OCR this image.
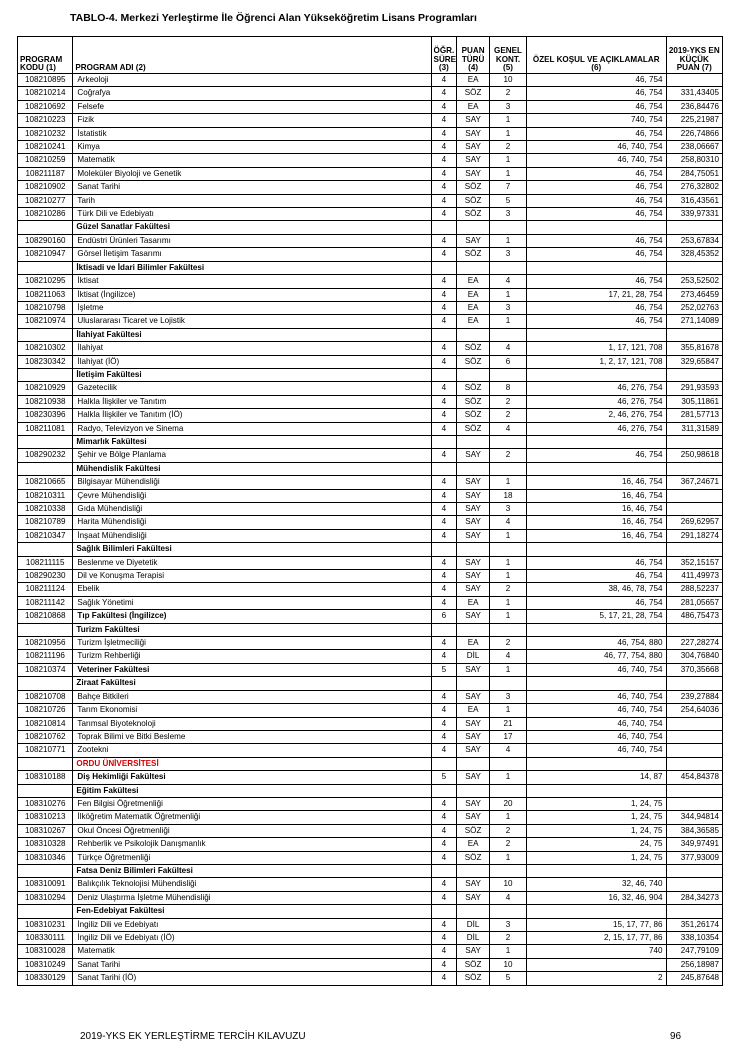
TABLO-4. Merkezi Yerleştirme İle Öğrenci Alan Yükseköğretim Lisans Programları
PROGRAM KODU (1)	PROGRAM ADI (2)	ÖĞR. SÜRE (3)	PUAN TÜRÜ (4)	GENEL KONT. (5)	ÖZEL KOŞUL VE AÇIKLAMALAR (6)	2019-YKS EN KÜÇÜK PUAN (7)
108210895	Arkeoloji	4	EA	10	46, 754	
108210214	Coğrafya	4	SÖZ	2	46, 754	331,43405
108210692	Felsefe	4	EA	3	46, 754	236,84476
108210223	Fizik	4	SAY	1	740, 754	225,21987
108210232	İstatistik	4	SAY	1	46, 754	226,74866
108210241	Kimya	4	SAY	2	46, 740, 754	238,06667
108210259	Matematik	4	SAY	1	46, 740, 754	258,80310
108211187	Moleküler Biyoloji ve Genetik	4	SAY	1	46, 754	284,75051
108210902	Sanat Tarihi	4	SÖZ	7	46, 754	276,32802
108210277	Tarih	4	SÖZ	5	46, 754	316,43561
108210286	Türk Dili ve Edebiyatı	4	SÖZ	3	46, 754	339,97331
	Güzel Sanatlar Fakültesi					
108290160	Endüstri Ürünleri Tasarımı	4	SAY	1	46, 754	253,67834
108210947	Görsel İletişim Tasarımı	4	SÖZ	3	46, 754	328,45352
	İktisadi ve İdari Bilimler Fakültesi					
108210295	İktisat	4	EA	4	46, 754	253,52502
108211063	İktisat (İngilizce)	4	EA	1	17, 21, 28, 754	273,46459
108210798	İşletme	4	EA	3	46, 754	252,02763
108210974	Uluslararası Ticaret ve Lojistik	4	EA	1	46, 754	271,14089
	İlahiyat Fakültesi					
108210302	İlahiyat	4	SÖZ	4	1, 17, 121, 708	355,81678
108230342	İlahiyat (İÖ)	4	SÖZ	6	1, 2, 17, 121, 708	329,65847
	İletişim Fakültesi					
108210929	Gazetecilik	4	SÖZ	8	46, 276, 754	291,93593
108210938	Halkla İlişkiler ve Tanıtım	4	SÖZ	2	46, 276, 754	305,11861
108230396	Halkla İlişkiler ve Tanıtım (İÖ)	4	SÖZ	2	2, 46, 276, 754	281,57713
108211081	Radyo, Televizyon ve Sinema	4	SÖZ	4	46, 276, 754	311,31589
	Mimarlık Fakültesi					
108290232	Şehir ve Bölge Planlama	4	SAY	2	46, 754	250,98618
	Mühendislik Fakültesi					
108210665	Bilgisayar Mühendisliği	4	SAY	1	16, 46, 754	367,24671
108210311	Çevre Mühendisliği	4	SAY	18	16, 46, 754	
108210338	Gıda Mühendisliği	4	SAY	3	16, 46, 754	
108210789	Harita Mühendisliği	4	SAY	4	16, 46, 754	269,62957
108210347	İnşaat Mühendisliği	4	SAY	1	16, 46, 754	291,18274
	Sağlık Bilimleri Fakültesi					
108211115	Beslenme ve Diyetetik	4	SAY	1	46, 754	352,15157
108290230	Dil ve Konuşma Terapisi	4	SAY	1	46, 754	411,49973
108211124	Ebelik	4	SAY	2	38, 46, 78, 754	288,52237
108211142	Sağlık Yönetimi	4	EA	1	46, 754	281,05657
108210868	Tıp Fakültesi (İngilizce)	6	SAY	1	5, 17, 21, 28, 754	486,75473
	Turizm Fakültesi					
108210956	Turizm İşletmeciliği	4	EA	2	46, 754, 880	227,28274
108211196	Turizm Rehberliği	4	DİL	4	46, 77, 754, 880	304,76840
108210374	Veteriner Fakültesi	5	SAY	1	46, 740, 754	370,35668
	Ziraat Fakültesi					
108210708	Bahçe Bitkileri	4	SAY	3	46, 740, 754	239,27884
108210726	Tarım Ekonomisi	4	EA	1	46, 740, 754	254,64036
108210814	Tarımsal Biyoteknoloji	4	SAY	21	46, 740, 754	
108210762	Toprak Bilimi ve Bitki Besleme	4	SAY	17	46, 740, 754	
108210771	Zootekni	4	SAY	4	46, 740, 754	
	ORDU ÜNİVERSİTESİ					
108310188	Diş Hekimliği Fakültesi	5	SAY	1	14, 87	454,84378
	Eğitim Fakültesi					
108310276	Fen Bilgisi Öğretmenliği	4	SAY	20	1, 24, 75	
108310213	İlköğretim Matematik Öğretmenliği	4	SAY	1	1, 24, 75	344,94814
108310267	Okul Öncesi Öğretmenliği	4	SÖZ	2	1, 24, 75	384,36585
108310328	Rehberlik ve Psikolojik Danışmanlık	4	EA	2	24, 75	349,97491
108310346	Türkçe Öğretmenliği	4	SÖZ	1	1, 24, 75	377,93009
	Fatsa Deniz Bilimleri Fakültesi					
108310091	Balıkçılık Teknolojisi Mühendisliği	4	SAY	10	32, 46, 740	
108310294	Deniz Ulaştırma İşletme Mühendisliği	4	SAY	4	16, 32, 46, 904	284,34273
	Fen-Edebiyat Fakültesi					
108310231	İngiliz Dili ve Edebiyatı	4	DİL	3	15, 17, 77, 86	351,26174
108330111	İngiliz Dili ve Edebiyatı (İÖ)	4	DİL	2	2, 15, 17, 77, 86	338,10354
108310028	Matematik	4	SAY	1	740	247,79109
108310249	Sanat Tarihi	4	SÖZ	10		256,18987
108330129	Sanat Tarihi (İÖ)	4	SÖZ	5	2	245,87648
2019-YKS EK YERLEŞTİRME TERCİH KILAVUZU	96
